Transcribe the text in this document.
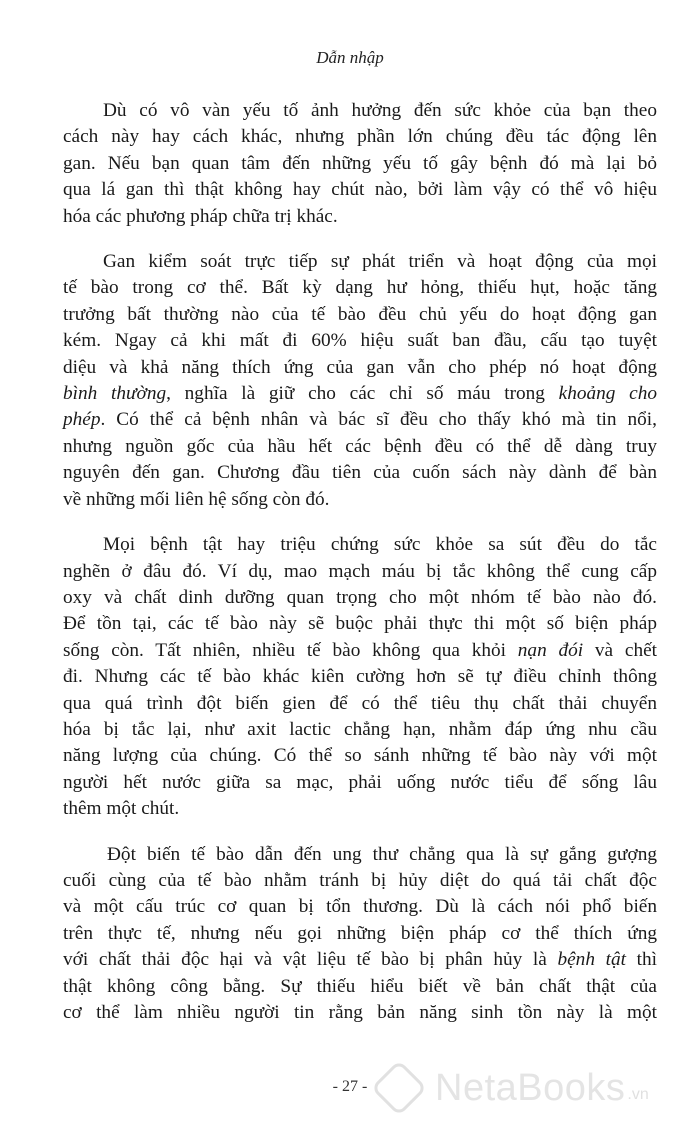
Dẫn nhập

Dù có vô vàn yếu tố ảnh hưởng đến sức khỏe của bạn theo
cách này hay cách khác, nhưng phần lớn chúng đều tác động lên
gan. Nếu bạn quan tâm đến những yếu tố gây bệnh đó mà lại bỏ
qua lá gan thì thật không hay chút nào, bởi làm vậy có thể vô hiệu
hóa các phương pháp chữa trị khác.

Gan kiểm soát trực tiếp sự phát triển và hoạt động của mọi
tế bào trong cơ thể. Bất kỳ dạng hư hỏng, thiếu hụt, hoặc tăng
trưởng bất thường nào của tế bào đều chủ yếu do hoạt động gan
kém. Ngay cả khi mất đi 60% hiệu suất ban đầu, cấu tạo tuyệt
diệu và khả năng thích ứng của gan vẫn cho phép nó hoạt động
bình thường, nghĩa là giữ cho các chỉ số máu trong khoảng cho
phép. Có thể cả bệnh nhân và bác sĩ đều cho thấy khó mà tin nổi,
nhưng nguồn gốc của hầu hết các bệnh đều có thể dễ dàng truy
nguyên đến gan. Chương đầu tiên của cuốn sách này dành để bàn
về những mối liên hệ sống còn đó.

Mọi bệnh tật hay triệu chứng sức khỏe sa sút đều do tắc
nghẽn ở đâu đó. Ví dụ, mao mạch máu bị tắc không thể cung cấp
oxy và chất dinh dưỡng quan trọng cho một nhóm tế bào nào đó.
Để tồn tại, các tế bào này sẽ buộc phải thực thi một số biện pháp
sống còn. Tất nhiên, nhiều tế bào không qua khỏi nạn đói và chết
đi. Nhưng các tế bào khác kiên cường hơn sẽ tự điều chỉnh thông
qua quá trình đột biến gien để có thể tiêu thụ chất thải chuyển
hóa bị tắc lại, như axit lactic chẳng hạn, nhằm đáp ứng nhu cầu
năng lượng của chúng. Có thể so sánh những tế bào này với một
người hết nước giữa sa mạc, phải uống nước tiểu để sống lâu
thêm một chút.

Đột biến tế bào dẫn đến ung thư chẳng qua là sự gắng gượng
cuối cùng của tế bào nhằm tránh bị hủy diệt do quá tải chất độc
và một cấu trúc cơ quan bị tổn thương. Dù là cách nói phổ biến
trên thực tế, nhưng nếu gọi những biện pháp cơ thể thích ứng
với chất thải độc hại và vật liệu tế bào bị phân hủy là bệnh tật thì
thật không công bằng. Sự thiếu hiểu biết về bản chất thật của
cơ thể làm nhiều người tin rằng bản năng sinh tồn này là một

- 27 -	NetaBooks .vn
